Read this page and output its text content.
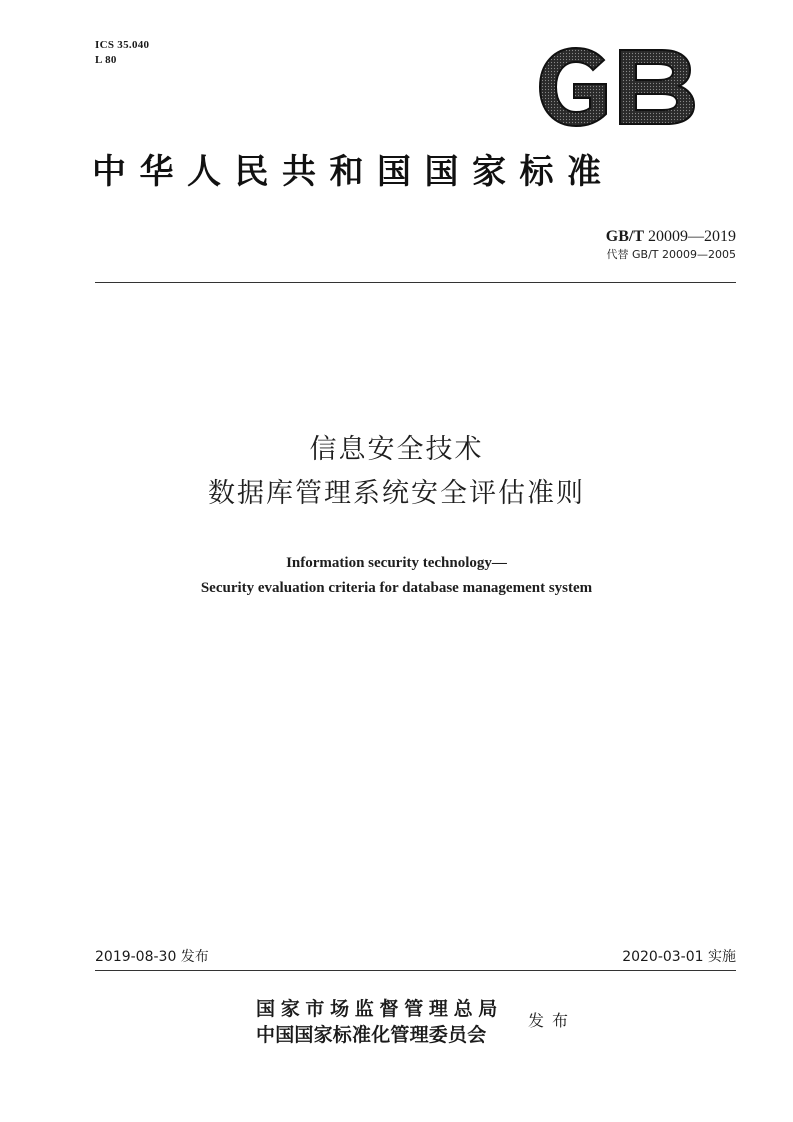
ICS 35.040
L 80
中华人民共和国国家标准
GB/T 20009—2019
代替 GB/T 20009—2005
信息安全技术
数据库管理系统安全评估准则
Information security technology—
Security evaluation criteria for database management system
2019-08-30 发布	2020-03-01 实施
国家市场监督管理总局
中国国家标准化管理委员会
发布
